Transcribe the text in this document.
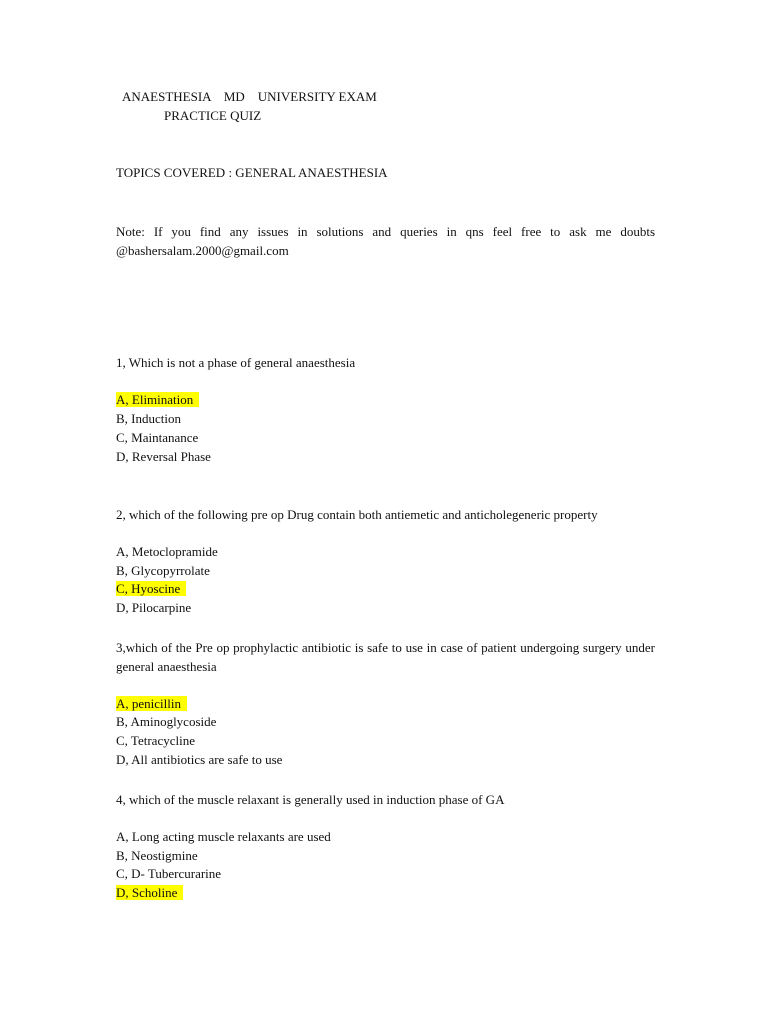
ANAESTHESIA    MD    UNIVERSITY EXAM
PRACTICE QUIZ
TOPICS COVERED : GENERAL ANAESTHESIA
Note: If you find any issues in solutions and queries in qns feel free to ask me doubts @bashersalam.2000@gmail.com
1, Which is not a phase of general anaesthesia
A, Elimination
B, Induction
C, Maintanance
D, Reversal Phase
2, which of the following pre op Drug contain both antiemetic and anticholegeneric property
A, Metoclopramide
B, Glycopyrrolate
C, Hyoscine
D, Pilocarpine
3,which of the Pre op prophylactic antibiotic is safe to use in case of patient undergoing surgery under general anaesthesia
A, penicillin
B, Aminoglycoside
C, Tetracycline
D, All antibiotics are safe to use
4, which of the muscle relaxant is generally used in induction phase of GA
A, Long acting muscle relaxants are used
B, Neostigmine
C, D- Tubercurarine
D, Scholine
